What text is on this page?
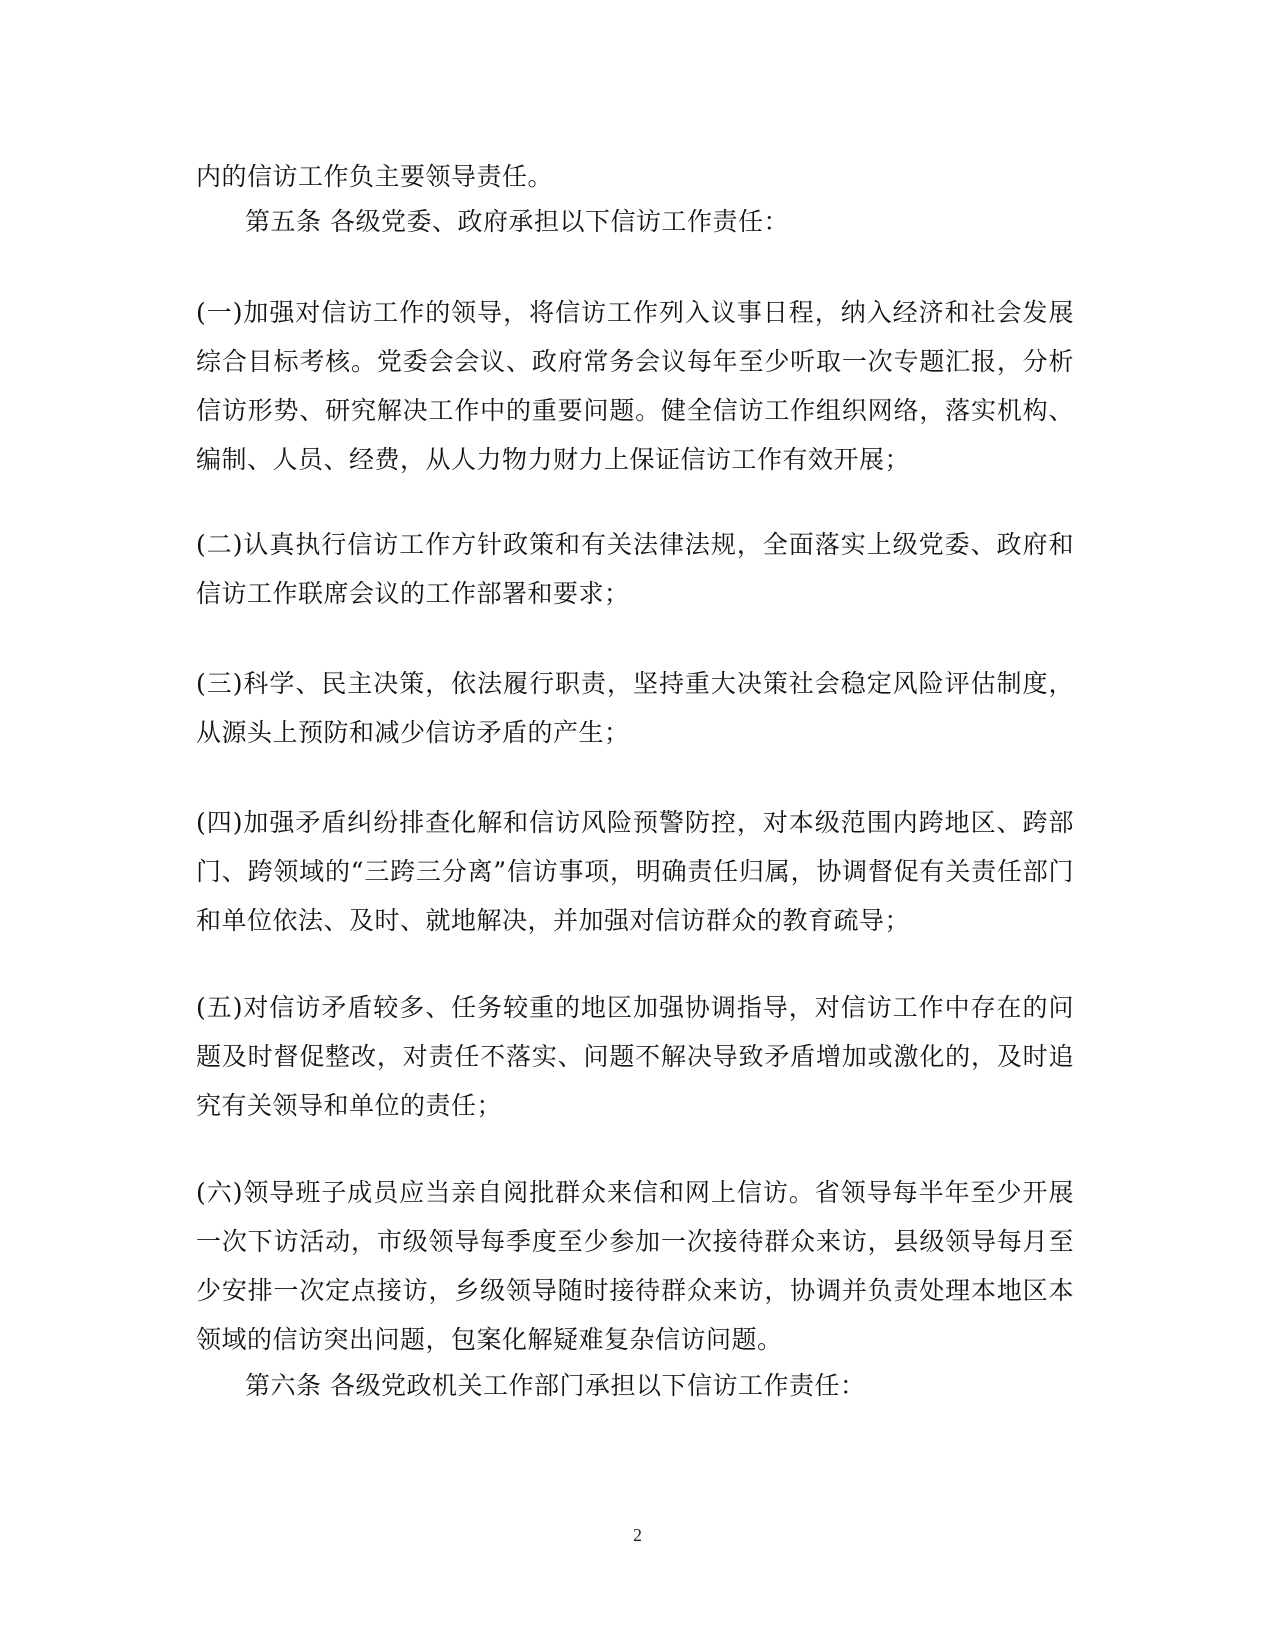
内的信访工作负主要领导责任。

第五条 各级党委、政府承担以下信访工作责任：

(一)加强对信访工作的领导，将信访工作列入议事日程，纳入经济和社会发展综合目标考核。党委会会议、政府常务会议每年至少听取一次专题汇报，分析信访形势、研究解决工作中的重要问题。健全信访工作组织网络，落实机构、编制、人员、经费，从人力物力财力上保证信访工作有效开展；

(二)认真执行信访工作方针政策和有关法律法规，全面落实上级党委、政府和信访工作联席会议的工作部署和要求；

(三)科学、民主决策，依法履行职责，坚持重大决策社会稳定风险评估制度，从源头上预防和减少信访矛盾的产生；

(四)加强矛盾纠纷排查化解和信访风险预警防控，对本级范围内跨地区、跨部门、跨领域的“三跨三分离”信访事项，明确责任归属，协调督促有关责任部门和单位依法、及时、就地解决，并加强对信访群众的教育疏导；

(五)对信访矛盾较多、任务较重的地区加强协调指导，对信访工作中存在的问题及时督促整改，对责任不落实、问题不解决导致矛盾增加或激化的，及时追究有关领导和单位的责任；

(六)领导班子成员应当亲自阅批群众来信和网上信访。省领导每半年至少开展一次下访活动，市级领导每季度至少参加一次接待群众来访，县级领导每月至少安排一次定点接访，乡级领导随时接待群众来访，协调并负责处理本地区本领域的信访突出问题，包案化解疑难复杂信访问题。

第六条 各级党政机关工作部门承担以下信访工作责任：

2
